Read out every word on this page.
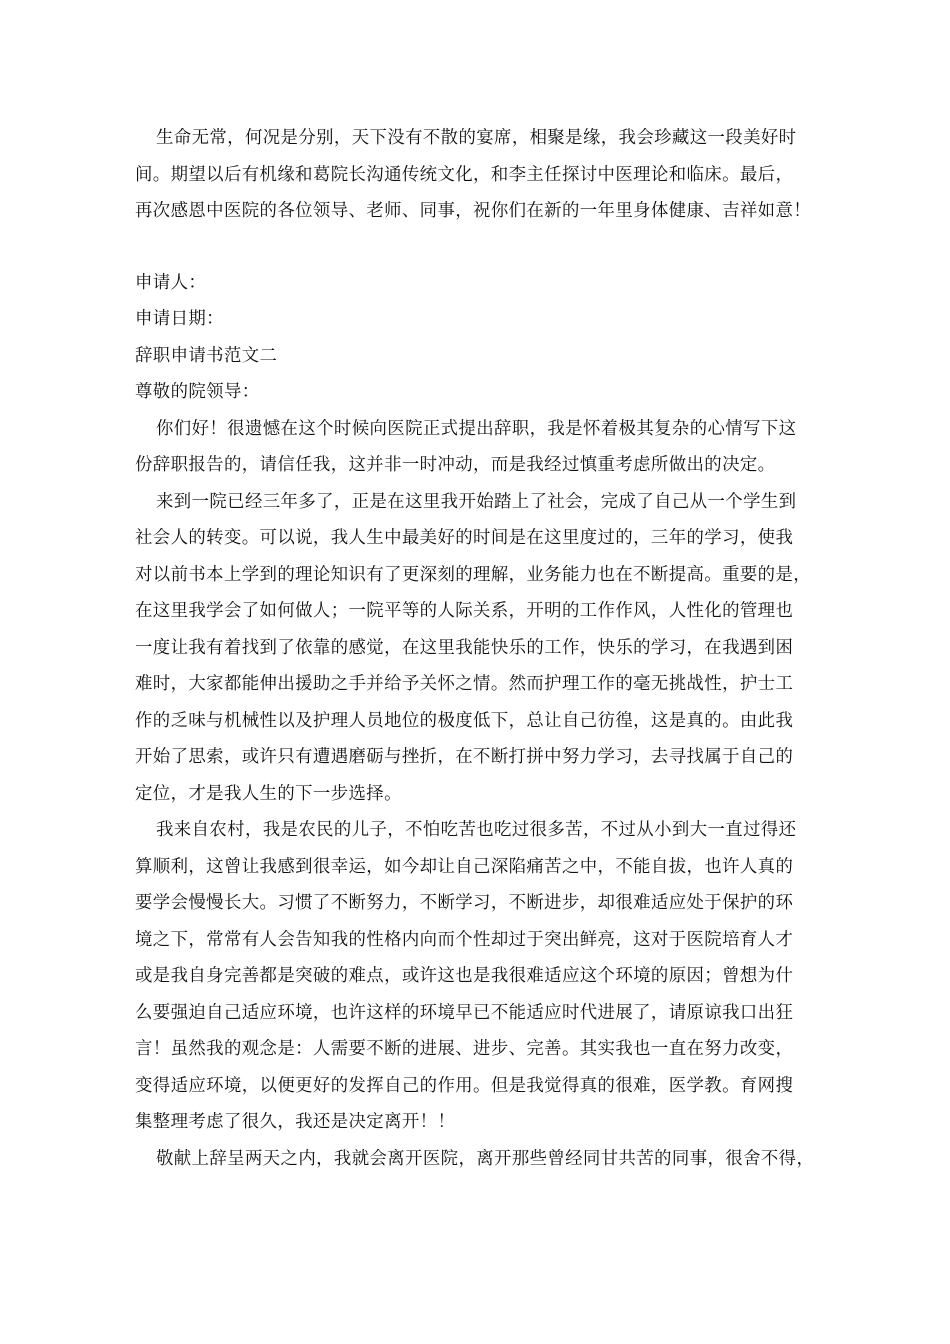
生命无常，何况是分别，天下没有不散的宴席，相聚是缘，我会珍藏这一段美好时
间。期望以后有机缘和葛院长沟通传统文化，和李主任探讨中医理论和临床。最后，
再次感恩中医院的各位领导、老师、同事，祝你们在新的一年里身体健康、吉祥如意！
申请人：
申请日期：
辞职申请书范文二
尊敬的院领导：
你们好！很遗憾在这个时候向医院正式提出辞职，我是怀着极其复杂的心情写下这
份辞职报告的，请信任我，这并非一时冲动，而是我经过慎重考虑所做出的决定。
来到一院已经三年多了，正是在这里我开始踏上了社会，完成了自己从一个学生到
社会人的转变。可以说，我人生中最美好的时间是在这里度过的，三年的学习，使我
对以前书本上学到的理论知识有了更深刻的理解，业务能力也在不断提高。重要的是，
在这里我学会了如何做人；一院平等的人际关系，开明的工作作风，人性化的管理也
一度让我有着找到了依靠的感觉，在这里我能快乐的工作，快乐的学习，在我遇到困
难时，大家都能伸出援助之手并给予关怀之情。然而护理工作的毫无挑战性，护士工
作的乏味与机械性以及护理人员地位的极度低下，总让自己彷徨，这是真的。由此我
开始了思索，或许只有遭遇磨砺与挫折，在不断打拼中努力学习，去寻找属于自己的
定位，才是我人生的下一步选择。
我来自农村，我是农民的儿子，不怕吃苦也吃过很多苦，不过从小到大一直过得还
算顺利，这曾让我感到很幸运，如今却让自己深陷痛苦之中，不能自拔，也许人真的
要学会慢慢长大。习惯了不断努力，不断学习，不断进步，却很难适应处于保护的环
境之下，常常有人会告知我的性格内向而个性却过于突出鲜亮，这对于医院培育人才
或是我自身完善都是突破的难点，或许这也是我很难适应这个环境的原因；曾想为什
么要强迫自己适应环境，也许这样的环境早已不能适应时代进展了，请原谅我口出狂
言！虽然我的观念是：人需要不断的进展、进步、完善。其实我也一直在努力改变，
变得适应环境，以便更好的发挥自己的作用。但是我觉得真的很难，医学教。育网搜
集整理考虑了很久，我还是决定离开！！
敬献上辞呈两天之内，我就会离开医院，离开那些曾经同甘共苦的同事，很舍不得，
